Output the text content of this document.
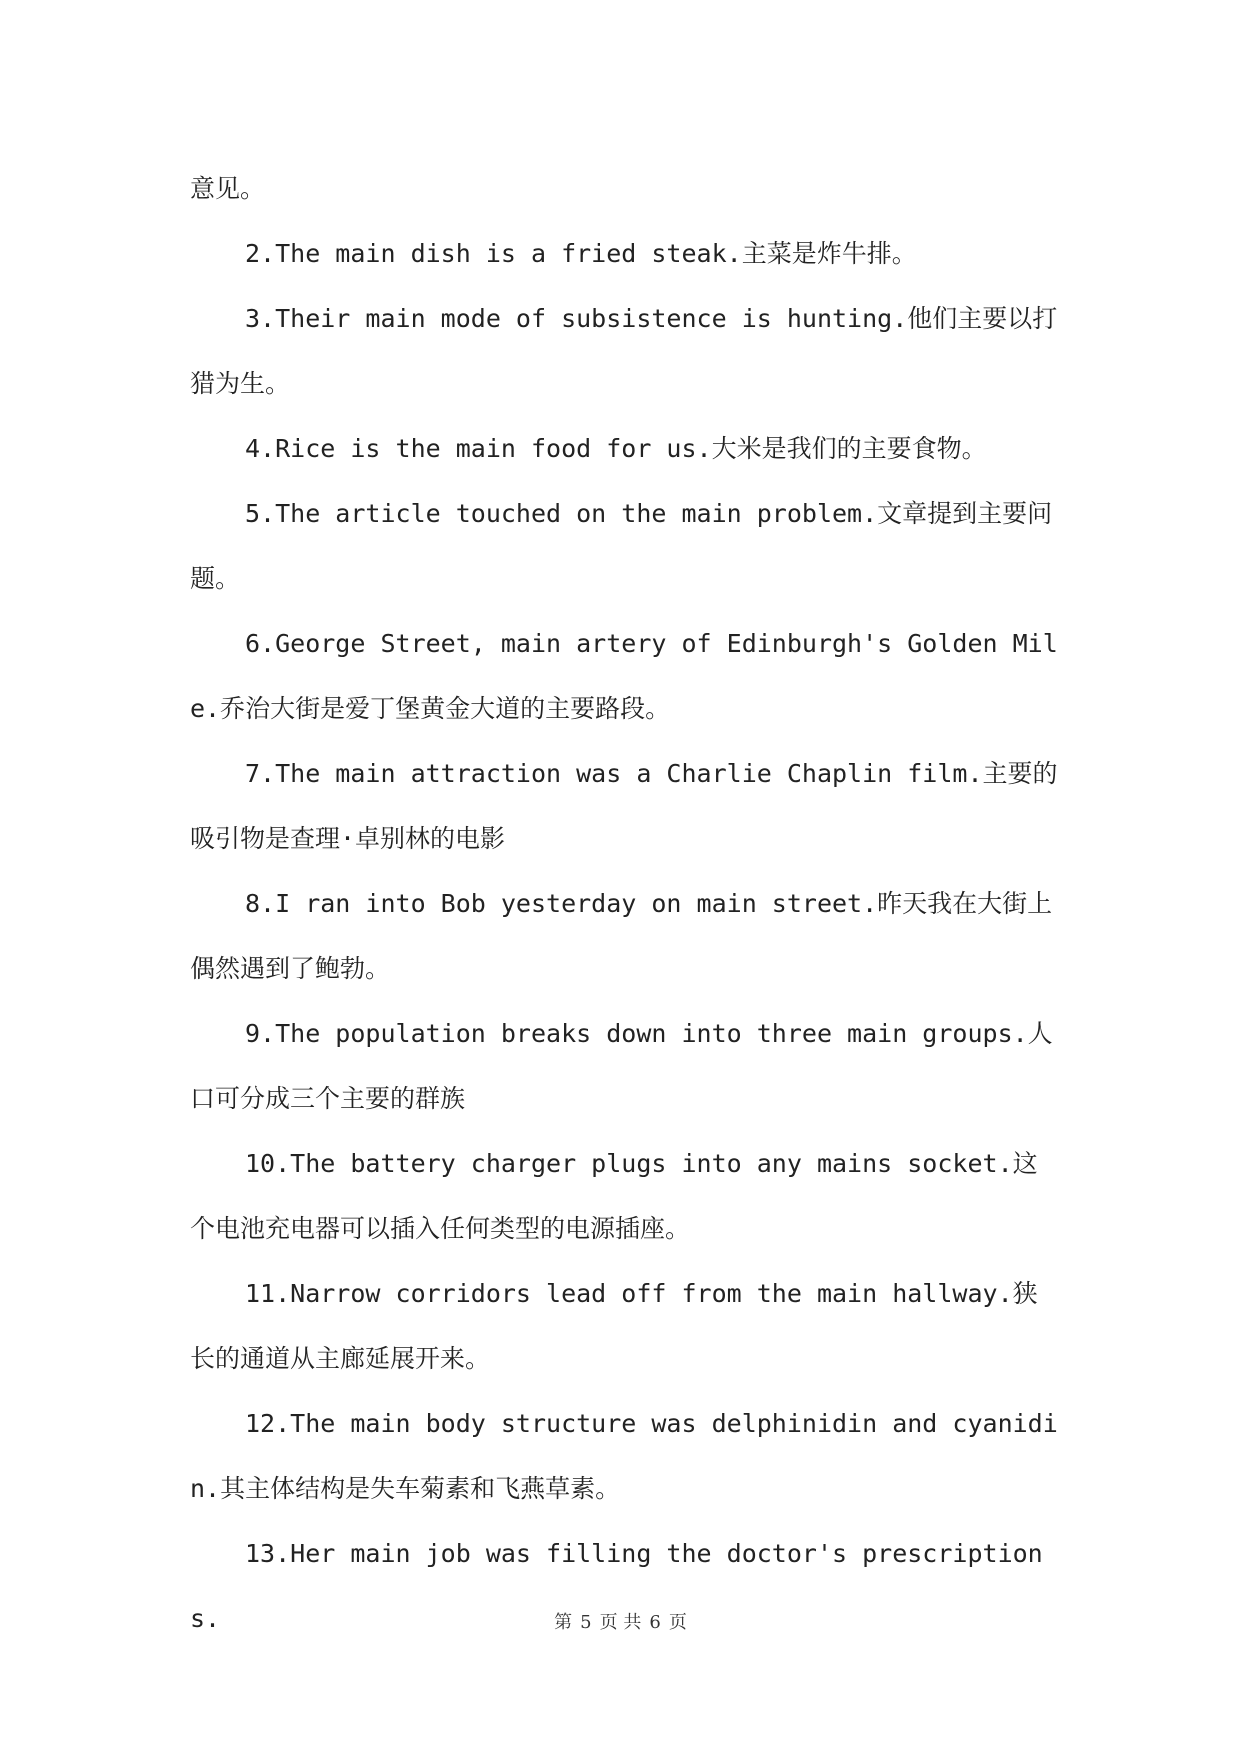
意见。

2.The main dish is a fried steak.主菜是炸牛排。

3.Their main mode of subsistence is hunting.他们主要以打猎为生。

4.Rice is the main food for us.大米是我们的主要食物。

5.The article touched on the main problem.文章提到主要问题。

6.George Street, main artery of Edinburgh's Golden Mile.乔治大街是爱丁堡黄金大道的主要路段。

7.The main attraction was a Charlie Chaplin film.主要的吸引物是查理·卓别林的电影

8.I ran into Bob yesterday on main street.昨天我在大街上偶然遇到了鲍勃。

9.The population breaks down into three main groups.人口可分成三个主要的群族

10.The battery charger plugs into any mains socket.这个电池充电器可以插入任何类型的电源插座。

11.Narrow corridors lead off from the main hallway.狭长的通道从主廊延展开来。

12.The main body structure was delphinidin and cyanidin.其主体结构是失车菊素和飞燕草素。

13.Her main job was filling the doctor's prescriptions.	第 5 页 共 6 页
